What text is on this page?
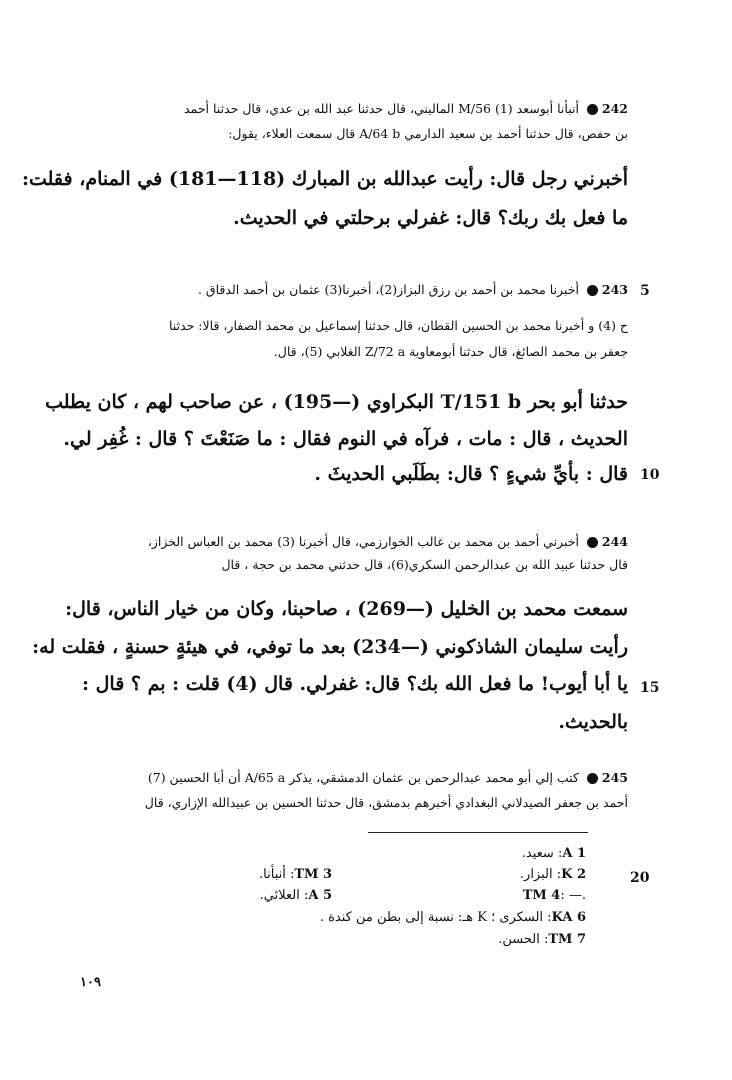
242 أنبأنا أبوسعد (1) M/56 الماليني، قال حدثنا عبد الله بن عدي، قال حدثنا أحمد
بن حفص، قال حدثنا أحمد بن سعيد الدارمي A/64 b قال سمعت العلاء، يقول:
أخبرني رجل قال: رأيت عبدالله بن المبارك (118—181) في المنام، فقلت:
ما فعل بك ربك؟ قال: غفرلي برحلتي في الحديث.
5
243 أخبرنا محمد بن أحمد بن رزق البزاز(2)، أخبرنا(3) عثمان بن أحمد الدقاق .
ح (4) و أخبرنا محمد بن الحسين القطان، قال حدثنا إسماعيل بن محمد الصفار، قالا: حدثنا
جعفر بن محمد الصائغ، قال حدثنا أبومعاوية Z/72 a الغلابي (5)، قال.
حدثنا أبو بحر T/151 b البكراوي (—195) ، عن صاحب لهم ، كان يطلب
الحديث ، قال : مات ، فرآه في النوم فقال : ما صَنَعْتَ ؟ قال : غُفِر لي.
10
قال : بأيِّ شيءٍ ؟ قال: بطَلَبي الحديثَ .
244 أخبرني أحمد بن محمد بن غالب الخوارزمي، قال أخبرنا (3) محمد بن العباس الخزاز،
قال حدثنا عبيد الله بن عبدالرحمن السكري(6)، قال حدثني محمد بن حجة ، قال
سمعت محمد بن الخليل (—269) ، صاحبنا، وكان من خيار الناس، قال:
رأيت سليمان الشاذكوني (—234) بعد ما توفي، في هيئةٍ حسنةٍ ، فقلت له:
15
يا أبا أيوب! ما فعل الله بك؟ قال: غفرلي. قال (4) قلت : بم ؟ قال :
بالحديث.
245 كتب إلي أبو محمد عبدالرحمن بن عثمان الدمشقي، يذكر A/65 a أن أبا الحسين (7)
أحمد بن جعفر الصيدلاني البغدادي أخبرهم بدمشق، قال حدثنا الحسين بن عبيدالله الإزاري، قال
20
A 1: سعيد.
K 2: البزار.
TM 3: أنبأنا.
TM 4: —.
A 5: العلائي.
KA 6: السكرى ؛ K هـ: نسبة إلى بطن من كندة .
TM 7: الحسن.
١٠٩
